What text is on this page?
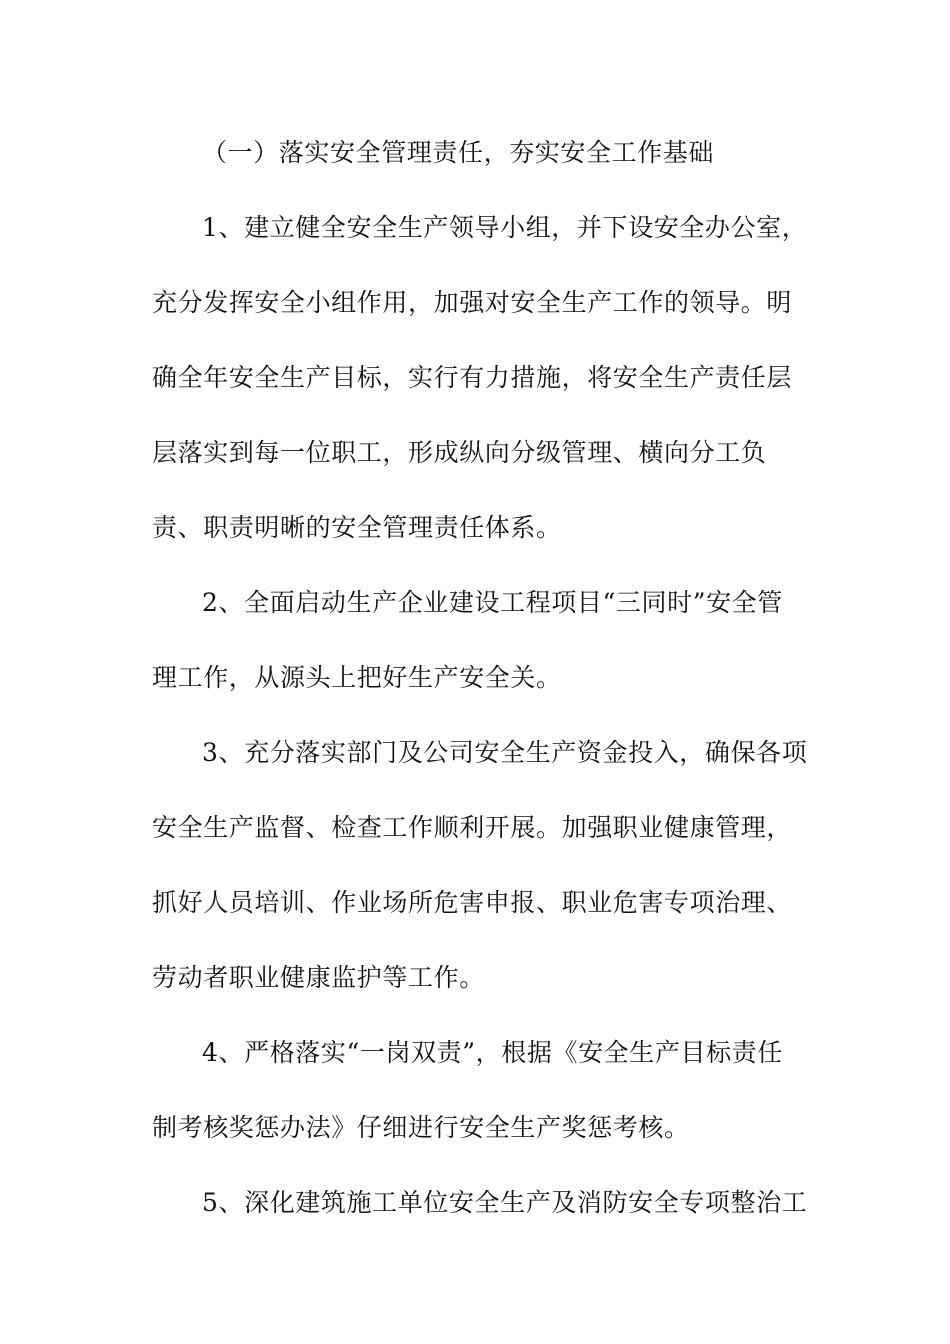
（一）落实安全管理责任，夯实安全工作基础
1、建立健全安全生产领导小组，并下设安全办公室，
充分发挥安全小组作用，加强对安全生产工作的领导。明
确全年安全生产目标，实行有力措施，将安全生产责任层
层落实到每一位职工，形成纵向分级管理、横向分工负
责、职责明晰的安全管理责任体系。
2、全面启动生产企业建设工程项目“三同时”安全管
理工作，从源头上把好生产安全关。
3、充分落实部门及公司安全生产资金投入，确保各项
安全生产监督、检查工作顺利开展。加强职业健康管理，
抓好人员培训、作业场所危害申报、职业危害专项治理、
劳动者职业健康监护等工作。
4、严格落实“一岗双责”，根据《安全生产目标责任
制考核奖惩办法》仔细进行安全生产奖惩考核。
5、深化建筑施工单位安全生产及消防安全专项整治工
